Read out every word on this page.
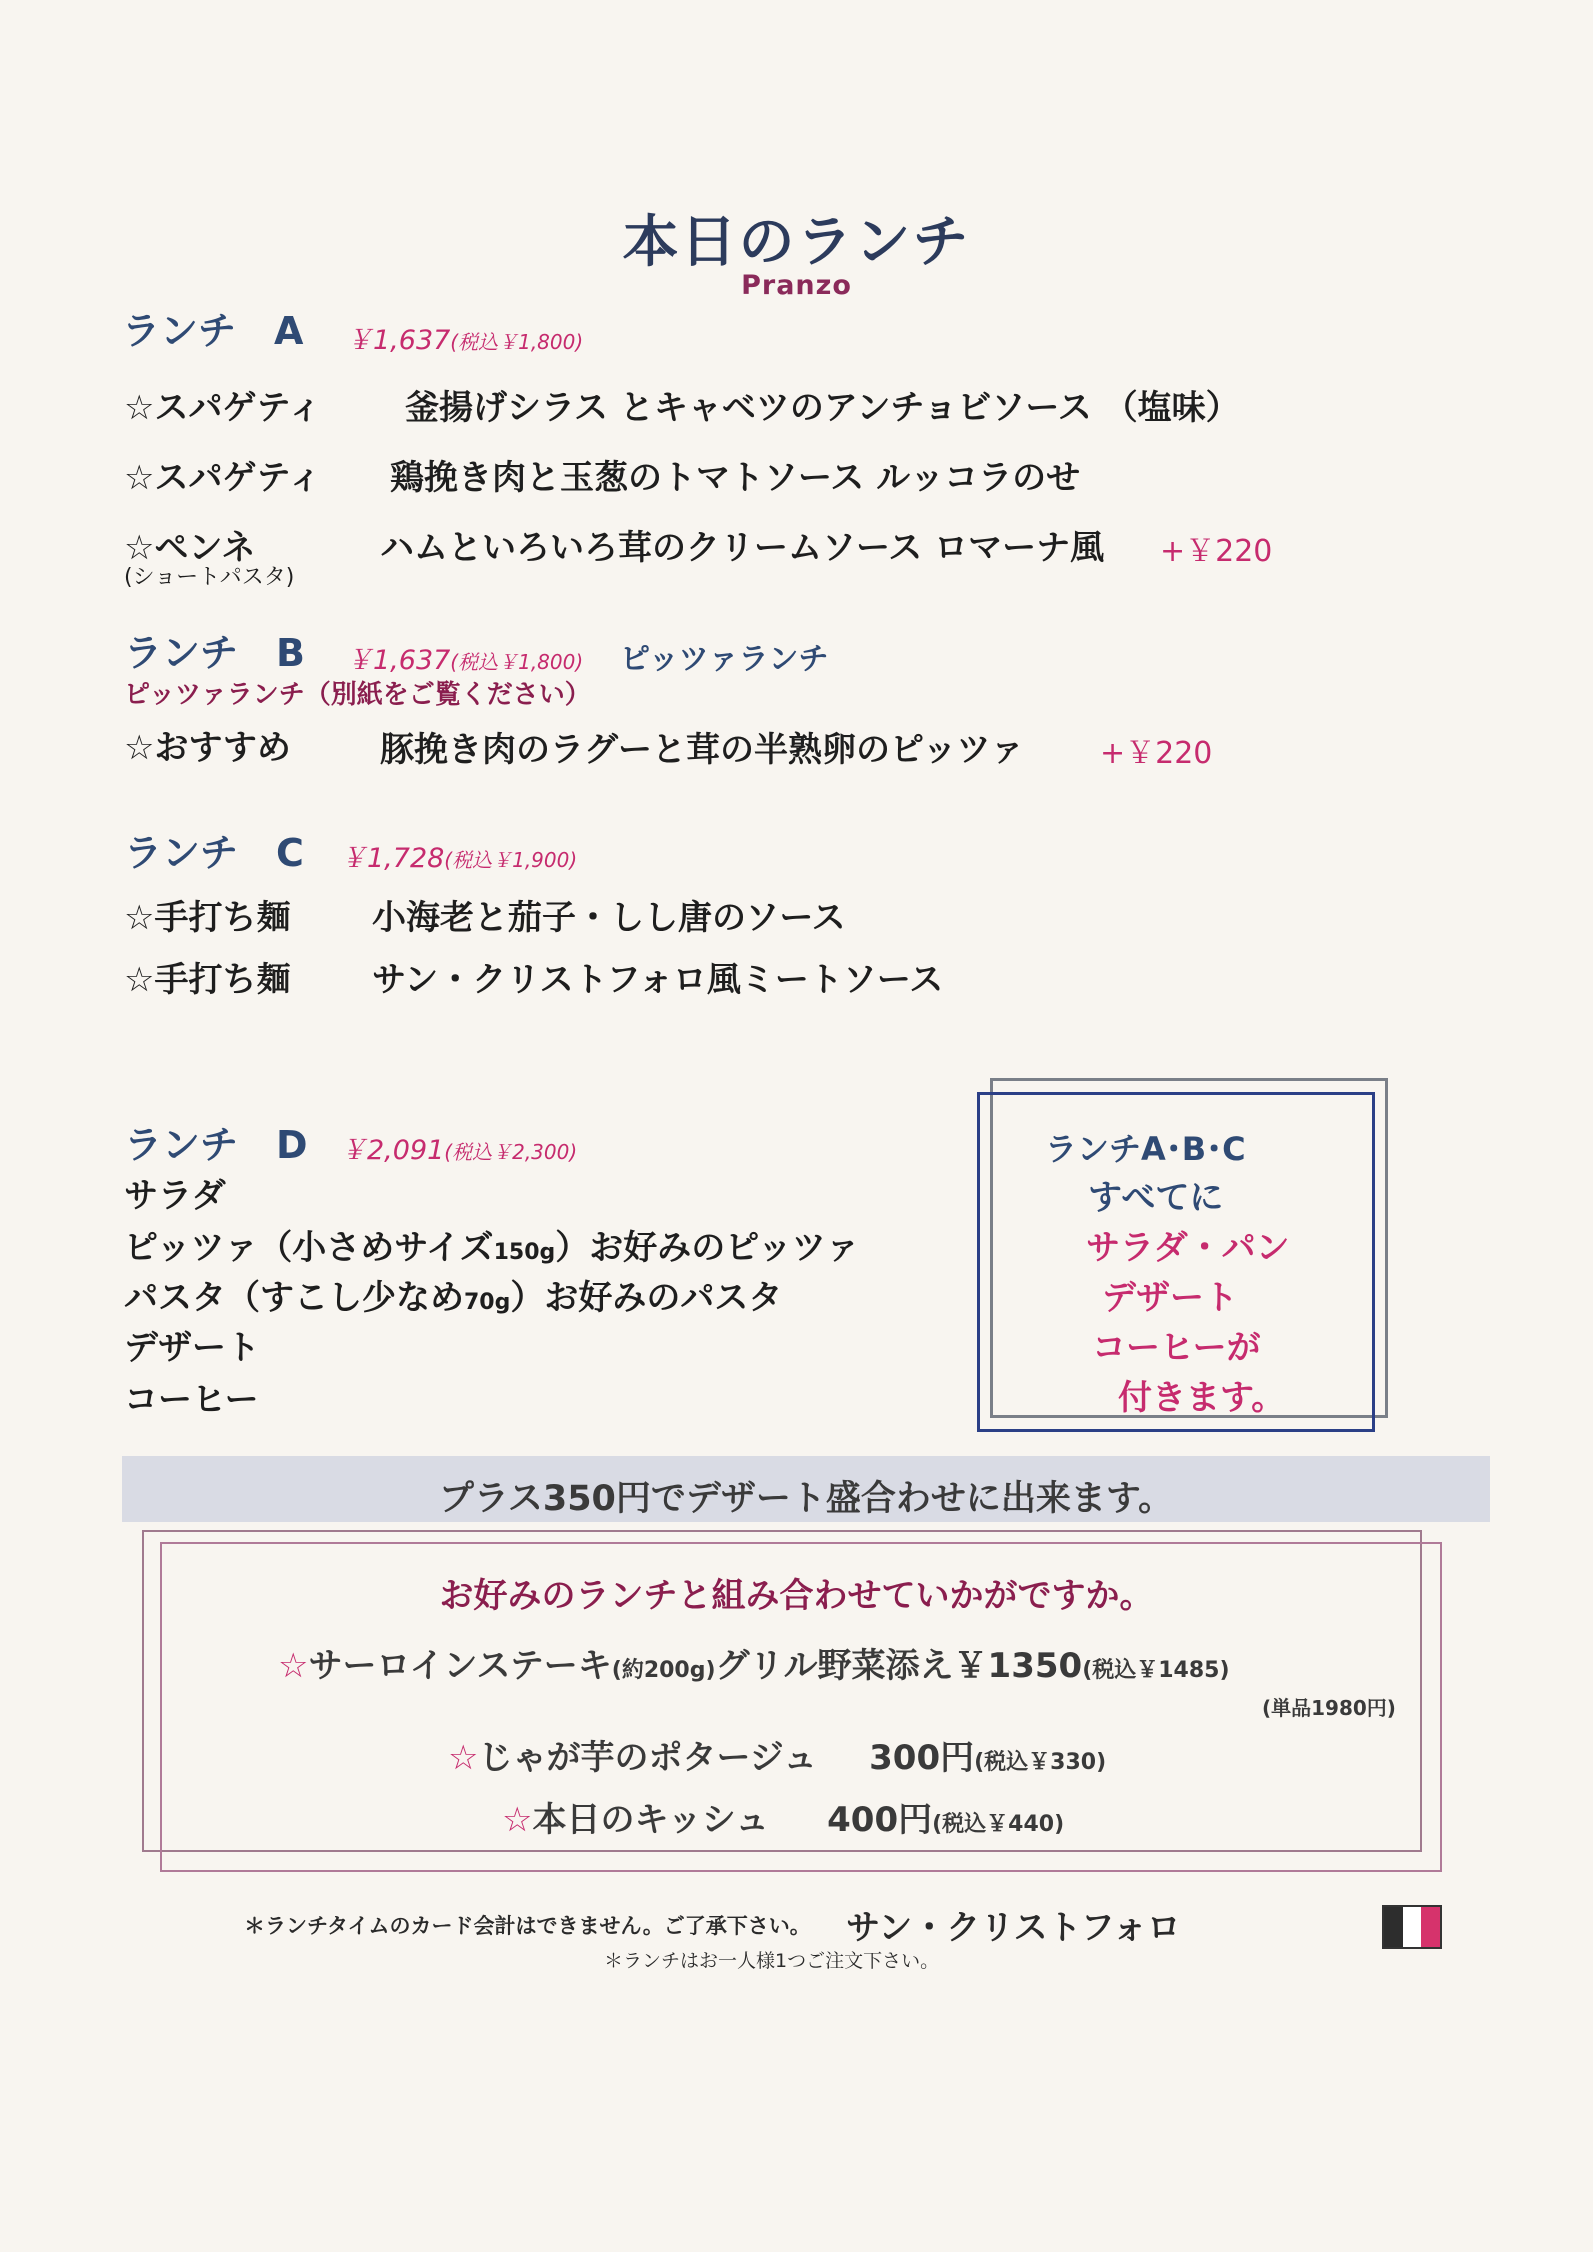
本日のランチ
Pranzo
ランチ A ￥1,637(税込￥1,800)
☆スパゲティ 釜揚げシラス とキャベツのアンチョビソース （塩味）
☆スパゲティ 鶏挽き肉と玉葱のトマトソース ルッコラのせ
☆ペンネ
(ショートパスタ)
ハムといろいろ茸のクリームソース ロマーナ風 +￥220
ランチ B ￥1,637(税込￥1,800) ピッツァランチ
ピッツァランチ（別紙をご覧ください）
☆おすすめ	豚挽き肉のラグーと茸の半熟卵のピッツァ	+￥220
ランチ C ￥1,728(税込￥1,900)
☆手打ち麺 小海老と茄子・しし唐のソース
☆手打ち麺 サン・クリストフォロ風ミートソース
ランチ D ￥2,091(税込￥2,300)
サラダ
ピッツァ（小さめサイズ150g）お好みのピッツァ
パスタ（すこし少なめ70g）お好みのパスタ
デザート
コーヒー
ランチA･B･C
すべてに
サラダ・パン
デザート
コーヒーが
付きます。
プラス350円でデザート盛合わせに出来ます。
お好みのランチと組み合わせていかがですか。
☆サーロインステーキ(約200g)グリル野菜添え￥1350(税込￥1485)
(単品1980円)
☆じゃが芋のポタージュ 300円(税込￥330)
☆本日のキッシュ 400円(税込￥440)
＊ランチタイムのカード会計はできません。ご了承下さい。 サン・クリストフォロ
＊ランチはお一人様1つご注文下さい。
